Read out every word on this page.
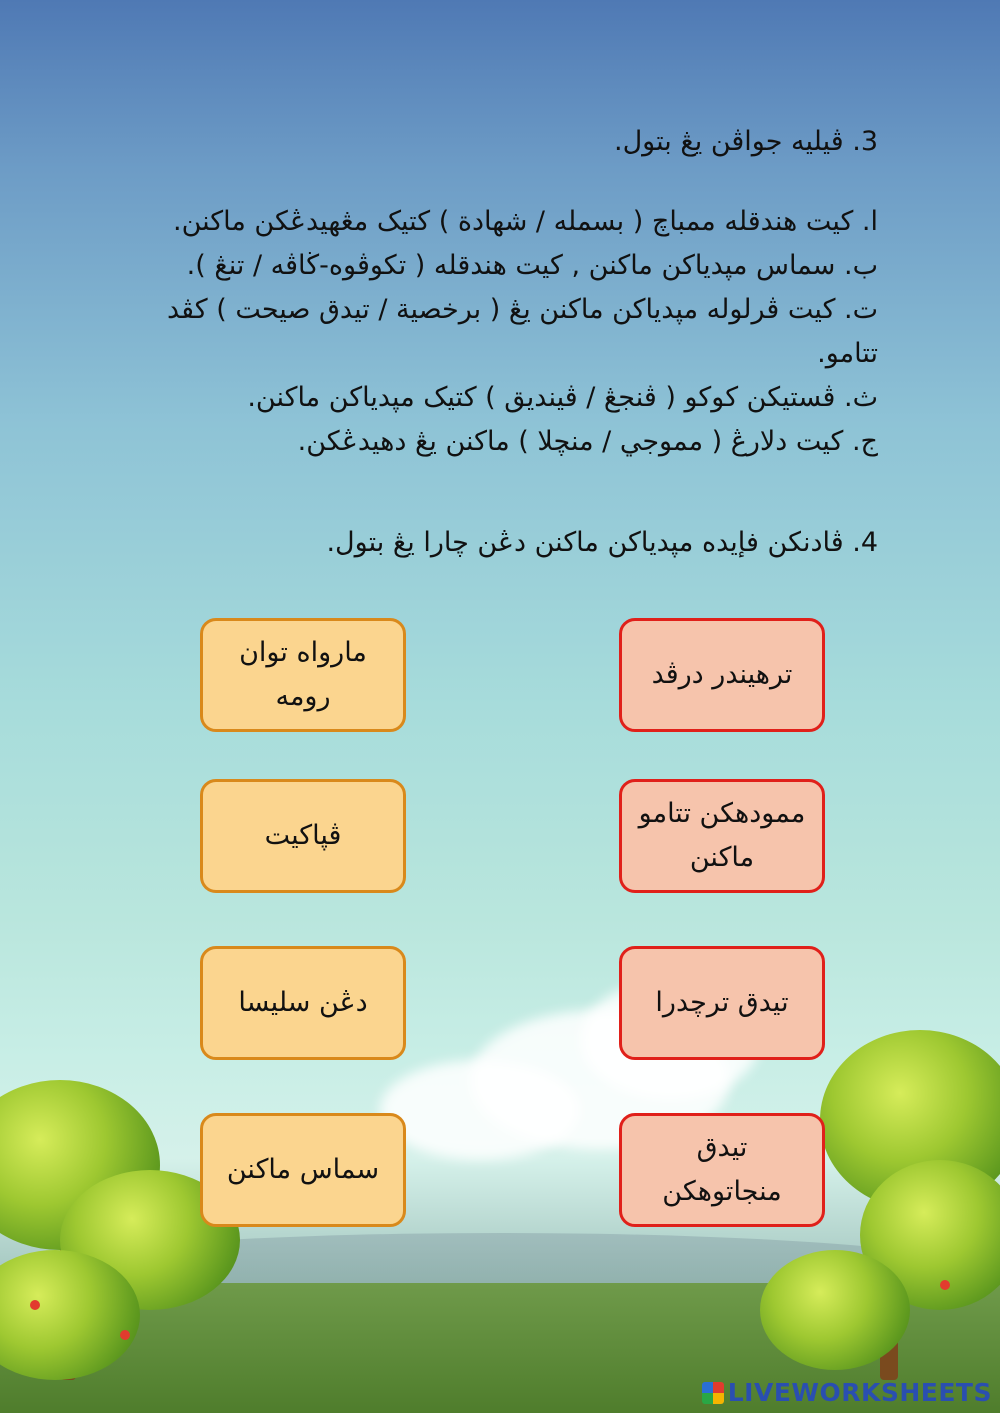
3. ڤيليه جواڤن يڠ بتول.
ا. كيت هندقله ممباچ ( بسمله / شهادة ) كتيک مڠهيدڠكن ماكنن.
ب. سماس مپدياكن ماكنن , كيت هندقله ( تكوڤوه-ڬاڤه / تنڠ ).
ت. كيت ڤرلوله مپدياكن ماكنن يڠ ( برخصية / تيدق صيحت ) كڤد تتامو.
ث. ڤستيكن كوكو ( ڤنجڠ / ڤينديق ) كتيک مپدياكن ماكنن.
ج. كيت دلارڠ ( مموجي / منچلا ) ماكنن يڠ دهيدڠكن.
4. ڤادنكن فإيده مپدياكن ماكنن دڠن چارا يڠ بتول.
مارواه توان رومه
ڤپاكيت
دڠن سليسا
سماس ماكنن
ترهيندر درڤد
ممودهكن تتامو ماكنن
تيدق ترچدرا
تيدق منجاتوهكن
LIVEWORKSHEETS
